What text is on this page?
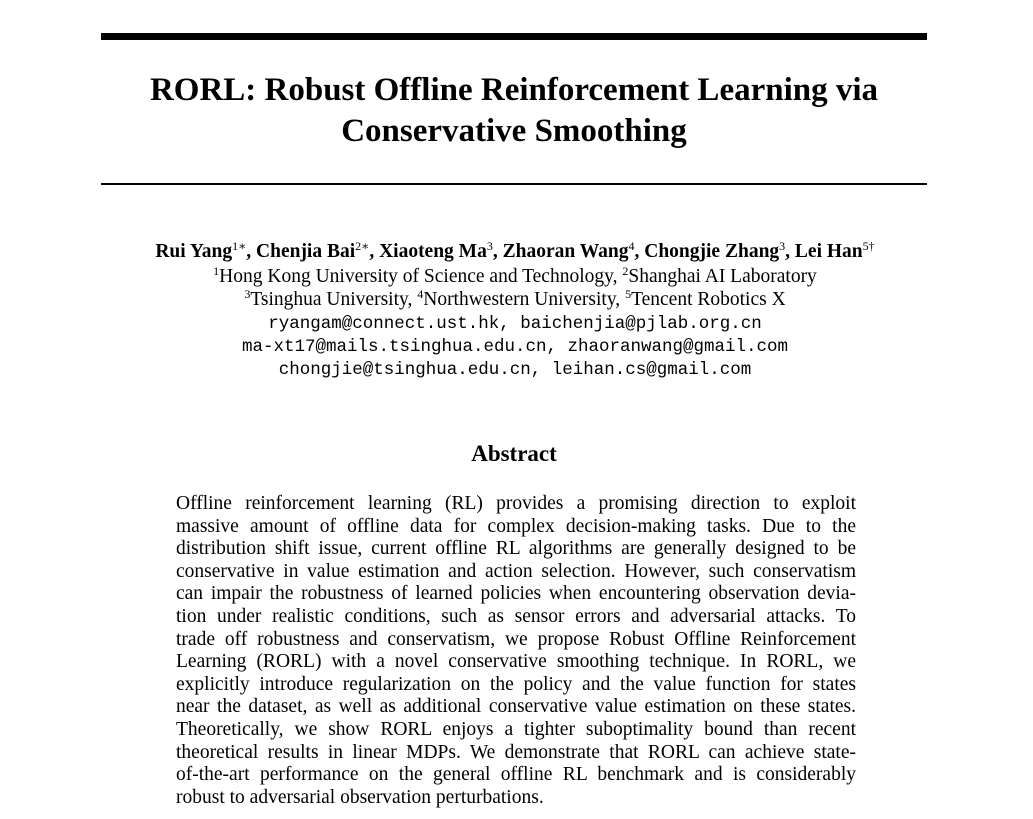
RORL: Robust Offline Reinforcement Learning via
Conservative Smoothing
Rui Yang$^{1∗}$, Chenjia Bai$^{2∗}$, Xiaoteng Ma$^3$, Zhaoran Wang$^4$, Chongjie Zhang$^3$, Lei Han$^{5\dagger}$
$^1$Hong Kong University of Science and Technology, $^2$Shanghai AI Laboratory
$^3$Tsinghua University, $^4$Northwestern University, $^5$Tencent Robotics X
ryangam@connect.ust.hk, baichenjia@pjlab.org.cn
ma-xt17@mails.tsinghua.edu.cn, zhaoranwang@gmail.com
chongjie@tsinghua.edu.cn, leihan.cs@gmail.com
Abstract
Offline reinforcement learning (RL) provides a promising direction to exploit
massive amount of offline data for complex decision-making tasks. Due to the
distribution shift issue, current offline RL algorithms are generally designed to be
conservative in value estimation and action selection. However, such conservatism
can impair the robustness of learned policies when encountering observation devia-
tion under realistic conditions, such as sensor errors and adversarial attacks. To
trade off robustness and conservatism, we propose Robust Offline Reinforcement
Learning (RORL) with a novel conservative smoothing technique. In RORL, we
explicitly introduce regularization on the policy and the value function for states
near the dataset, as well as additional conservative value estimation on these states.
Theoretically, we show RORL enjoys a tighter suboptimality bound than recent
theoretical results in linear MDPs. We demonstrate that RORL can achieve state-
of-the-art performance on the general offline RL benchmark and is considerably
robust to adversarial observation perturbations.
